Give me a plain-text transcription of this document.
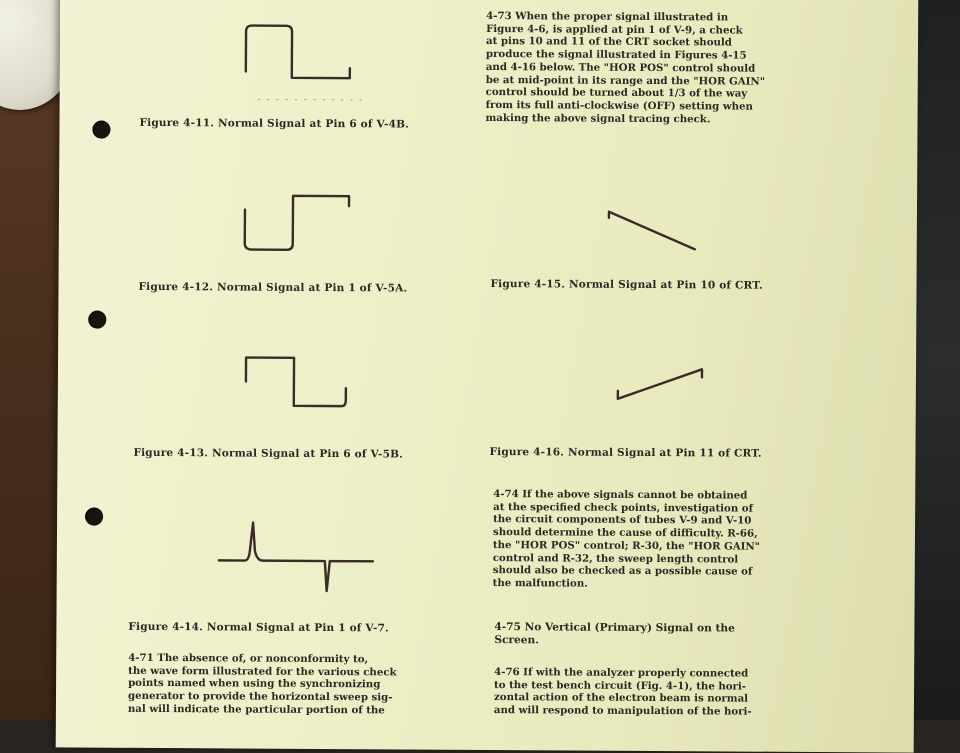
- - - - - - - - - - - -
Figure 4-11. Normal Signal at Pin 6 of V-4B.
Figure 4-12. Normal Signal at Pin 1 of V-5A.
Figure 4-13. Normal Signal at Pin 6 of V-5B.
Figure 4-14. Normal Signal at Pin 1 of V-7.
Figure 4-15. Normal Signal at Pin 10 of CRT.
Figure 4-16. Normal Signal at Pin 11 of CRT.
4-73 When the proper signal illustrated in
Figure 4-6, is applied at pin 1 of V-9, a check
at pins 10 and 11 of the CRT socket should
produce the signal illustrated in Figures 4-15
and 4-16 below. The "HOR POS" control should
be at mid-point in its range and the "HOR GAIN"
control should be turned about 1/3 of the way
from its full anti-clockwise (OFF) setting when
making the above signal tracing check.
4-74 If the above signals cannot be obtained
at the specified check points, investigation of
the circuit components of tubes V-9 and V-10
should determine the cause of difficulty. R-66,
the "HOR POS" control; R-30, the "HOR GAIN"
control and R-32, the sweep length control
should also be checked as a possible cause of
the malfunction.
4-75 No Vertical (Primary) Signal on the
Screen.
4-76 If with the analyzer properly connected
to the test bench circuit (Fig. 4-1), the hori-
zontal action of the electron beam is normal
and will respond to manipulation of the hori-
4-71 The absence of, or nonconformity to,
the wave form illustrated for the various check
points named when using the synchronizing
generator to provide the horizontal sweep sig-
nal will indicate the particular portion of the
